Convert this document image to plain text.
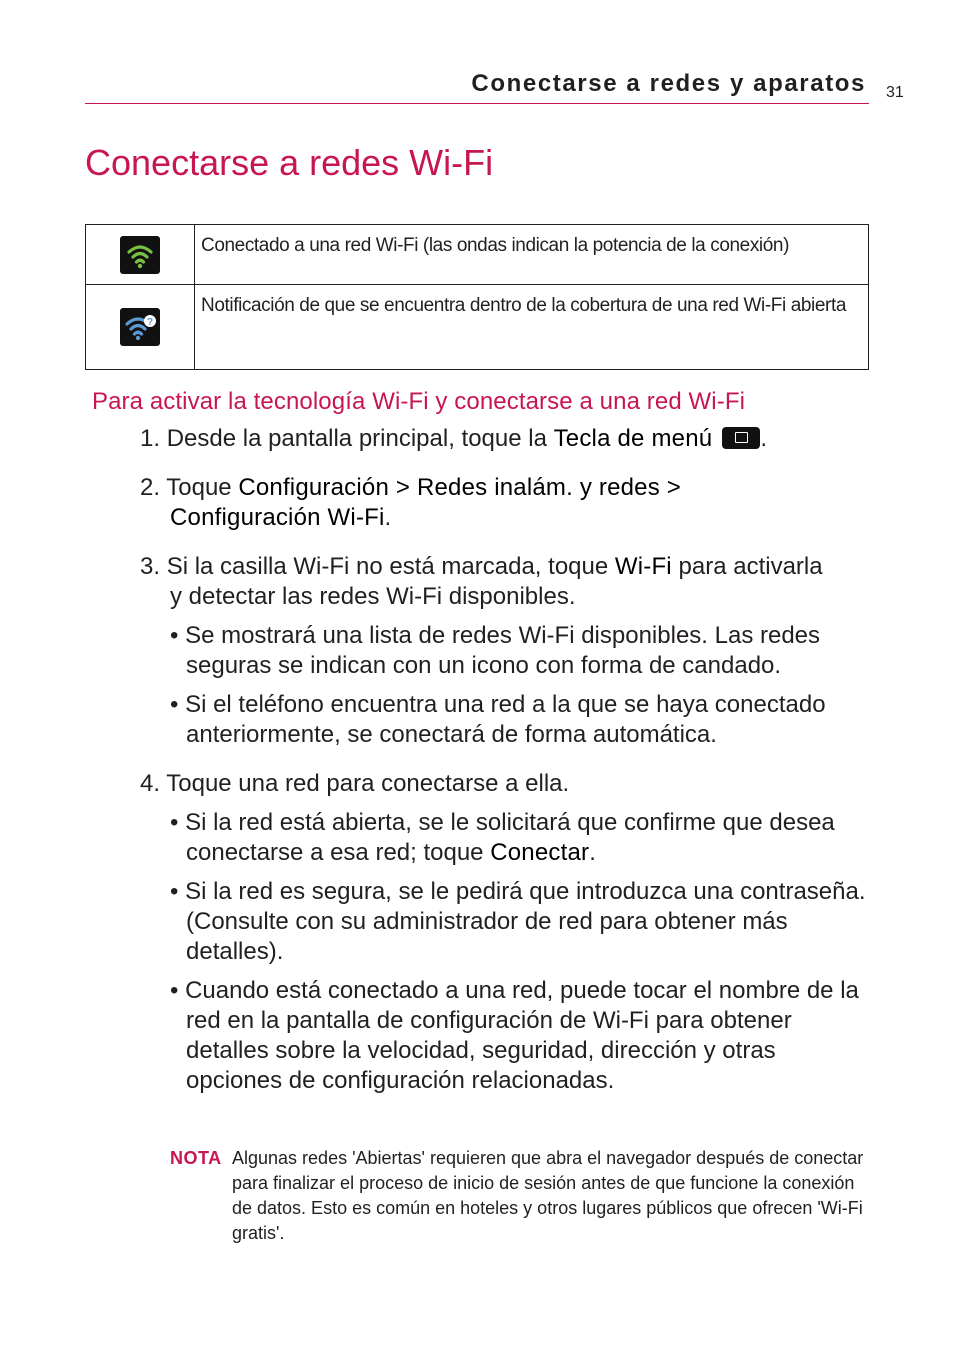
Conectarse a redes y aparatos 31
Conectarse a redes Wi-Fi
	Conectado a una red Wi-Fi (las ondas indican la potencia de la conexión)

?	Notificación de que se encuentra dentro de la cobertura de una red Wi-Fi abierta
Para activar la tecnología Wi-Fi y conectarse a una red Wi-Fi
1. Desde la pantalla principal, toque la Tecla de menú .
2. Toque Configuración > Redes inalám. y redes >
Configuración Wi-Fi.
3. Si la casilla Wi-Fi no está marcada, toque Wi-Fi para activarla
y detectar las redes Wi-Fi disponibles.
• Se mostrará una lista de redes Wi-Fi disponibles. Las redes seguras se indican con un icono con forma de candado.
• Si el teléfono encuentra una red a la que se haya conectado anteriormente, se conectará de forma automática.
4. Toque una red para conectarse a ella.
• Si la red está abierta, se le solicitará que confirme que desea conectarse a esa red; toque Conectar.
• Si la red es segura, se le pedirá que introduzca una contraseña. (Consulte con su administrador de red para obtener más detalles).
• Cuando está conectado a una red, puede tocar el nombre de la red en la pantalla de configuración de Wi-Fi para obtener detalles sobre la velocidad, seguridad, dirección y otras opciones de configuración relacionadas.
NOTA Algunas redes 'Abiertas' requieren que abra el navegador después de conectar para finalizar el proceso de inicio de sesión antes de que funcione la conexión de datos. Esto es común en hoteles y otros lugares públicos que ofrecen 'Wi-Fi gratis'.
